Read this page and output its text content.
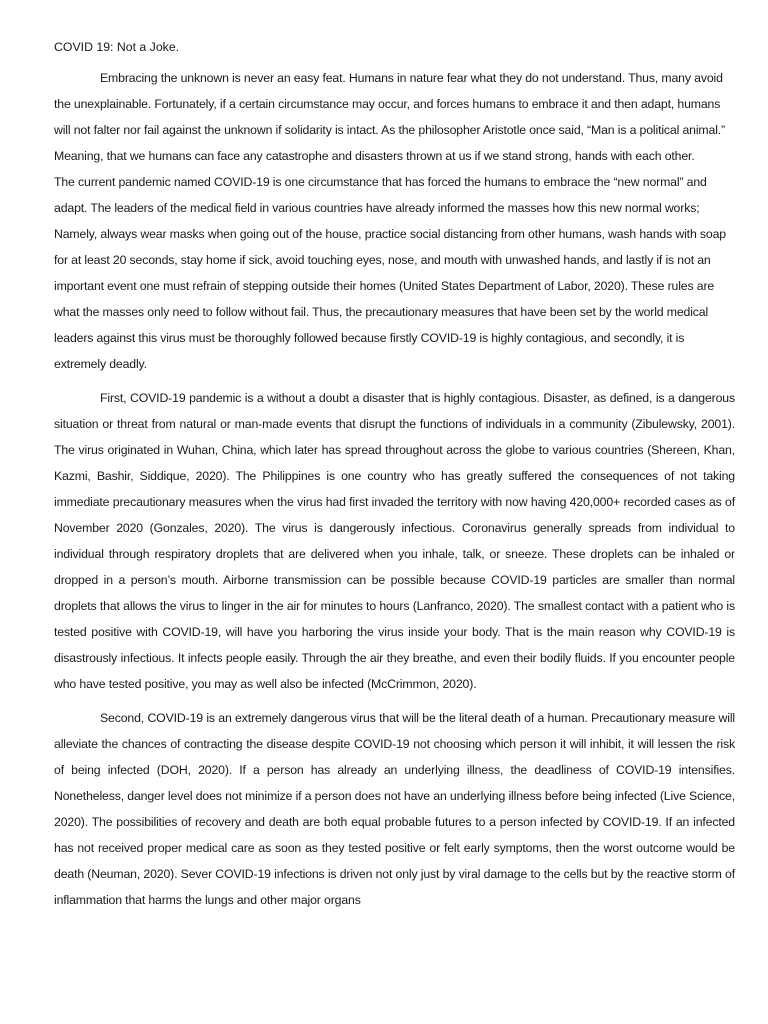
COVID 19: Not a Joke.

Embracing the unknown is never an easy feat. Humans in nature fear what they do not understand. Thus, many avoid the unexplainable. Fortunately, if a certain circumstance may occur, and forces humans to embrace it and then adapt, humans will not falter nor fail against the unknown if solidarity is intact. As the philosopher Aristotle once said, “Man is a political animal.” Meaning, that we humans can face any catastrophe and disasters thrown at us if we stand strong, hands with each other.

The current pandemic named COVID-19 is one circumstance that has forced the humans to embrace the “new normal” and adapt. The leaders of the medical field in various countries have already informed the masses how this new normal works; Namely, always wear masks when going out of the house, practice social distancing from other humans, wash hands with soap for at least 20 seconds, stay home if sick, avoid touching eyes, nose, and mouth with unwashed hands, and lastly if is not an important event one must refrain of stepping outside their homes (United States Department of Labor, 2020). These rules are what the masses only need to follow without fail. Thus, the precautionary measures that have been set by the world medical leaders against this virus must be thoroughly followed because firstly COVID-19 is highly contagious, and secondly, it is extremely deadly.

First, COVID-19 pandemic is a without a doubt a disaster that is highly contagious. Disaster, as defined, is a dangerous situation or threat from natural or man-made events that disrupt the functions of individuals in a community (Zibulewsky, 2001). The virus originated in Wuhan, China, which later has spread throughout across the globe to various countries (Shereen, Khan, Kazmi, Bashir, Siddique, 2020). The Philippines is one country who has greatly suffered the consequences of not taking immediate precautionary measures when the virus had first invaded the territory with now having 420,000+ recorded cases as of November 2020 (Gonzales, 2020). The virus is dangerously infectious. Coronavirus generally spreads from individual to individual through respiratory droplets that are delivered when you inhale, talk, or sneeze. These droplets can be inhaled or dropped in a person’s mouth. Airborne transmission can be possible because COVID-19 particles are smaller than normal droplets that allows the virus to linger in the air for minutes to hours (Lanfranco, 2020). The smallest contact with a patient who is tested positive with COVID-19, will have you harboring the virus inside your body. That is the main reason why COVID-19 is disastrously infectious. It infects people easily. Through the air they breathe, and even their bodily fluids. If you encounter people who have tested positive, you may as well also be infected (McCrimmon, 2020).

Second, COVID-19 is an extremely dangerous virus that will be the literal death of a human. Precautionary measure will alleviate the chances of contracting the disease despite COVID-19 not choosing which person it will inhibit, it will lessen the risk of being infected (DOH, 2020). If a person has already an underlying illness, the deadliness of COVID-19 intensifies. Nonetheless, danger level does not minimize if a person does not have an underlying illness before being infected (Live Science, 2020). The possibilities of recovery and death are both equal probable futures to a person infected by COVID-19. If an infected has not received proper medical care as soon as they tested positive or felt early symptoms, then the worst outcome would be death (Neuman, 2020). Sever COVID-19 infections is driven not only just by viral damage to the cells but by the reactive storm of inflammation that harms the lungs and other major organs
